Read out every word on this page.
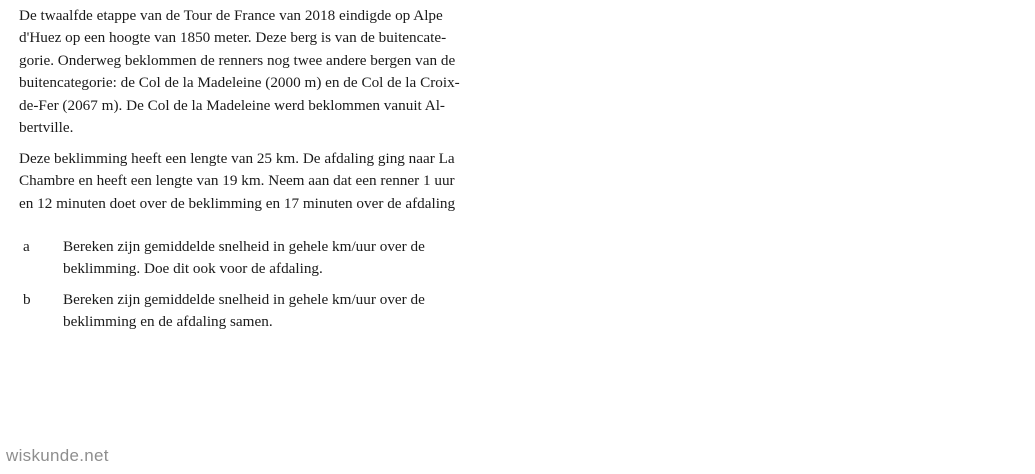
De twaalfde etappe van de Tour de France van 2018 eindigde op Alpe
d'Huez op een hoogte van 1850 meter. Deze berg is van de buitencate-
gorie. Onderweg beklommen de renners nog twee andere bergen van de
buitencategorie: de Col de la Madeleine (2000 m) en de Col de la Croix-
de-Fer (2067 m). De Col de la Madeleine werd beklommen vanuit Al-
bertville.
Deze beklimming heeft een lengte van 25 km. De afdaling ging naar La
Chambre en heeft een lengte van 19 km. Neem aan dat een renner 1 uur
en 12 minuten doet over de beklimming en 17 minuten over de afdaling
a Bereken zijn gemiddelde snelheid in gehele km/uur over de
beklimming. Doe dit ook voor de afdaling.
b Bereken zijn gemiddelde snelheid in gehele km/uur over de
beklimming en de afdaling samen.
wiskunde.net
